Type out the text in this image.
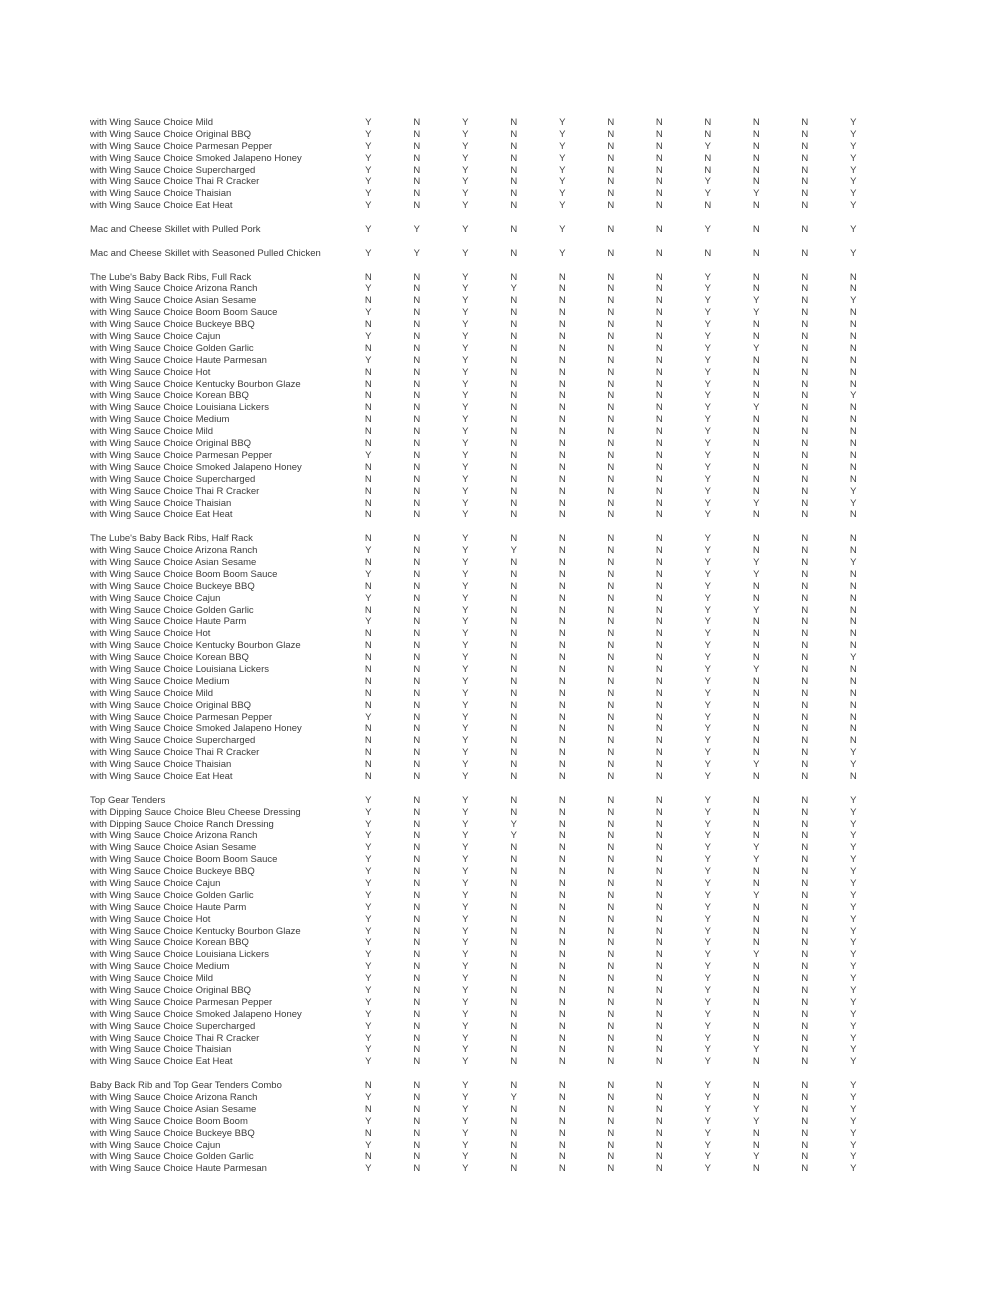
with Wing Sauce Choice Mild	Y	N	Y	N	Y	N	N	N	N	N	Y
with Wing Sauce Choice Original BBQ	Y	N	Y	N	Y	N	N	N	N	N	Y
with Wing Sauce Choice Parmesan Pepper	Y	N	Y	N	Y	N	N	Y	N	N	Y
with Wing Sauce Choice Smoked Jalapeno Honey	Y	N	Y	N	Y	N	N	N	N	N	Y
with Wing Sauce Choice Supercharged	Y	N	Y	N	Y	N	N	N	N	N	Y
with Wing Sauce Choice Thai R Cracker	Y	N	Y	N	Y	N	N	Y	N	N	Y
with Wing Sauce Choice Thaisian	Y	N	Y	N	Y	N	N	Y	Y	N	Y
with Wing Sauce Choice Eat Heat	Y	N	Y	N	Y	N	N	N	N	N	Y
Mac and Cheese Skillet with Pulled Pork	Y	Y	Y	N	Y	N	N	Y	N	N	Y
Mac and Cheese Skillet with Seasoned Pulled Chicken	Y	Y	Y	N	Y	N	N	N	N	N	Y
The Lube's Baby Back Ribs, Full Rack	N	N	Y	N	N	N	N	Y	N	N	N
with Wing Sauce Choice Arizona Ranch	Y	N	Y	Y	N	N	N	Y	N	N	N
with Wing Sauce Choice Asian Sesame	N	N	Y	N	N	N	N	Y	Y	N	Y
with Wing Sauce Choice Boom Boom Sauce	Y	N	Y	N	N	N	N	Y	Y	N	N
with Wing Sauce Choice Buckeye BBQ	N	N	Y	N	N	N	N	Y	N	N	N
with Wing Sauce Choice Cajun	Y	N	Y	N	N	N	N	Y	N	N	N
with Wing Sauce Choice Golden Garlic	N	N	Y	N	N	N	N	Y	Y	N	N
with Wing Sauce Choice Haute Parmesan	Y	N	Y	N	N	N	N	Y	N	N	N
with Wing Sauce Choice Hot	N	N	Y	N	N	N	N	Y	N	N	N
with Wing Sauce Choice Kentucky Bourbon Glaze	N	N	Y	N	N	N	N	Y	N	N	N
with Wing Sauce Choice Korean BBQ	N	N	Y	N	N	N	N	Y	N	N	Y
with Wing Sauce Choice Louisiana Lickers	N	N	Y	N	N	N	N	Y	Y	N	N
with Wing Sauce Choice Medium	N	N	Y	N	N	N	N	Y	N	N	N
with Wing Sauce Choice Mild	N	N	Y	N	N	N	N	Y	N	N	N
with Wing Sauce Choice Original BBQ	N	N	Y	N	N	N	N	Y	N	N	N
with Wing Sauce Choice Parmesan Pepper	Y	N	Y	N	N	N	N	Y	N	N	N
with Wing Sauce Choice Smoked Jalapeno Honey	N	N	Y	N	N	N	N	Y	N	N	N
with Wing Sauce Choice Supercharged	N	N	Y	N	N	N	N	Y	N	N	N
with Wing Sauce Choice Thai R Cracker	N	N	Y	N	N	N	N	Y	N	N	Y
with Wing Sauce Choice Thaisian	N	N	Y	N	N	N	N	Y	Y	N	Y
with Wing Sauce Choice Eat Heat	N	N	Y	N	N	N	N	Y	N	N	N
The Lube's Baby Back Ribs, Half Rack	N	N	Y	N	N	N	N	Y	N	N	N
with Wing Sauce Choice Arizona Ranch	Y	N	Y	Y	N	N	N	Y	N	N	N
with Wing Sauce Choice Asian Sesame	N	N	Y	N	N	N	N	Y	Y	N	Y
with Wing Sauce Choice Boom Boom Sauce	Y	N	Y	N	N	N	N	Y	Y	N	N
with Wing Sauce Choice Buckeye BBQ	N	N	Y	N	N	N	N	Y	N	N	N
with Wing Sauce Choice Cajun	Y	N	Y	N	N	N	N	Y	N	N	N
with Wing Sauce Choice Golden Garlic	N	N	Y	N	N	N	N	Y	Y	N	N
with Wing Sauce Choice Haute Parm	Y	N	Y	N	N	N	N	Y	N	N	N
with Wing Sauce Choice Hot	N	N	Y	N	N	N	N	Y	N	N	N
with Wing Sauce Choice Kentucky Bourbon Glaze	N	N	Y	N	N	N	N	Y	N	N	N
with Wing Sauce Choice Korean BBQ	N	N	Y	N	N	N	N	Y	N	N	Y
with Wing Sauce Choice Louisiana Lickers	N	N	Y	N	N	N	N	Y	Y	N	N
with Wing Sauce Choice Medium	N	N	Y	N	N	N	N	Y	N	N	N
with Wing Sauce Choice Mild	N	N	Y	N	N	N	N	Y	N	N	N
with Wing Sauce Choice Original BBQ	N	N	Y	N	N	N	N	Y	N	N	N
with Wing Sauce Choice Parmesan Pepper	Y	N	Y	N	N	N	N	Y	N	N	N
with Wing Sauce Choice Smoked Jalapeno Honey	N	N	Y	N	N	N	N	Y	N	N	N
with Wing Sauce Choice Supercharged	N	N	Y	N	N	N	N	Y	N	N	N
with Wing Sauce Choice Thai R Cracker	N	N	Y	N	N	N	N	Y	N	N	Y
with Wing Sauce Choice Thaisian	N	N	Y	N	N	N	N	Y	Y	N	Y
with Wing Sauce Choice Eat Heat	N	N	Y	N	N	N	N	Y	N	N	N
Top Gear Tenders	Y	N	Y	N	N	N	N	Y	N	N	Y
with Dipping Sauce Choice Bleu Cheese Dressing	Y	N	Y	N	N	N	N	Y	N	N	Y
with Dipping Sauce Choice Ranch Dressing	Y	N	Y	Y	N	N	N	Y	N	N	Y
with Wing Sauce Choice Arizona Ranch	Y	N	Y	Y	N	N	N	Y	N	N	Y
with Wing Sauce Choice Asian Sesame	Y	N	Y	N	N	N	N	Y	Y	N	Y
with Wing Sauce Choice Boom Boom Sauce	Y	N	Y	N	N	N	N	Y	Y	N	Y
with Wing Sauce Choice Buckeye BBQ	Y	N	Y	N	N	N	N	Y	N	N	Y
with Wing Sauce Choice Cajun	Y	N	Y	N	N	N	N	Y	N	N	Y
with Wing Sauce Choice Golden Garlic	Y	N	Y	N	N	N	N	Y	Y	N	Y
with Wing Sauce Choice Haute Parm	Y	N	Y	N	N	N	N	Y	N	N	Y
with Wing Sauce Choice Hot	Y	N	Y	N	N	N	N	Y	N	N	Y
with Wing Sauce Choice Kentucky Bourbon Glaze	Y	N	Y	N	N	N	N	Y	N	N	Y
with Wing Sauce Choice Korean BBQ	Y	N	Y	N	N	N	N	Y	N	N	Y
with Wing Sauce Choice Louisiana Lickers	Y	N	Y	N	N	N	N	Y	Y	N	Y
with Wing Sauce Choice Medium	Y	N	Y	N	N	N	N	Y	N	N	Y
with Wing Sauce Choice Mild	Y	N	Y	N	N	N	N	Y	N	N	Y
with Wing Sauce Choice Original BBQ	Y	N	Y	N	N	N	N	Y	N	N	Y
with Wing Sauce Choice Parmesan Pepper	Y	N	Y	N	N	N	N	Y	N	N	Y
with Wing Sauce Choice Smoked Jalapeno Honey	Y	N	Y	N	N	N	N	Y	N	N	Y
with Wing Sauce Choice Supercharged	Y	N	Y	N	N	N	N	Y	N	N	Y
with Wing Sauce Choice Thai R Cracker	Y	N	Y	N	N	N	N	Y	N	N	Y
with Wing Sauce Choice Thaisian	Y	N	Y	N	N	N	N	Y	Y	N	Y
with Wing Sauce Choice Eat Heat	Y	N	Y	N	N	N	N	Y	N	N	Y
Baby Back Rib and Top Gear Tenders Combo	N	N	Y	N	N	N	N	Y	N	N	Y
with Wing Sauce Choice Arizona Ranch	Y	N	Y	Y	N	N	N	Y	N	N	Y
with Wing Sauce Choice Asian Sesame	N	N	Y	N	N	N	N	Y	Y	N	Y
with Wing Sauce Choice Boom Boom	Y	N	Y	N	N	N	N	Y	Y	N	Y
with Wing Sauce Choice Buckeye BBQ	N	N	Y	N	N	N	N	Y	N	N	Y
with Wing Sauce Choice Cajun	Y	N	Y	N	N	N	N	Y	N	N	Y
with Wing Sauce Choice Golden Garlic	N	N	Y	N	N	N	N	Y	Y	N	Y
with Wing Sauce Choice Haute Parmesan	Y	N	Y	N	N	N	N	Y	N	N	Y
